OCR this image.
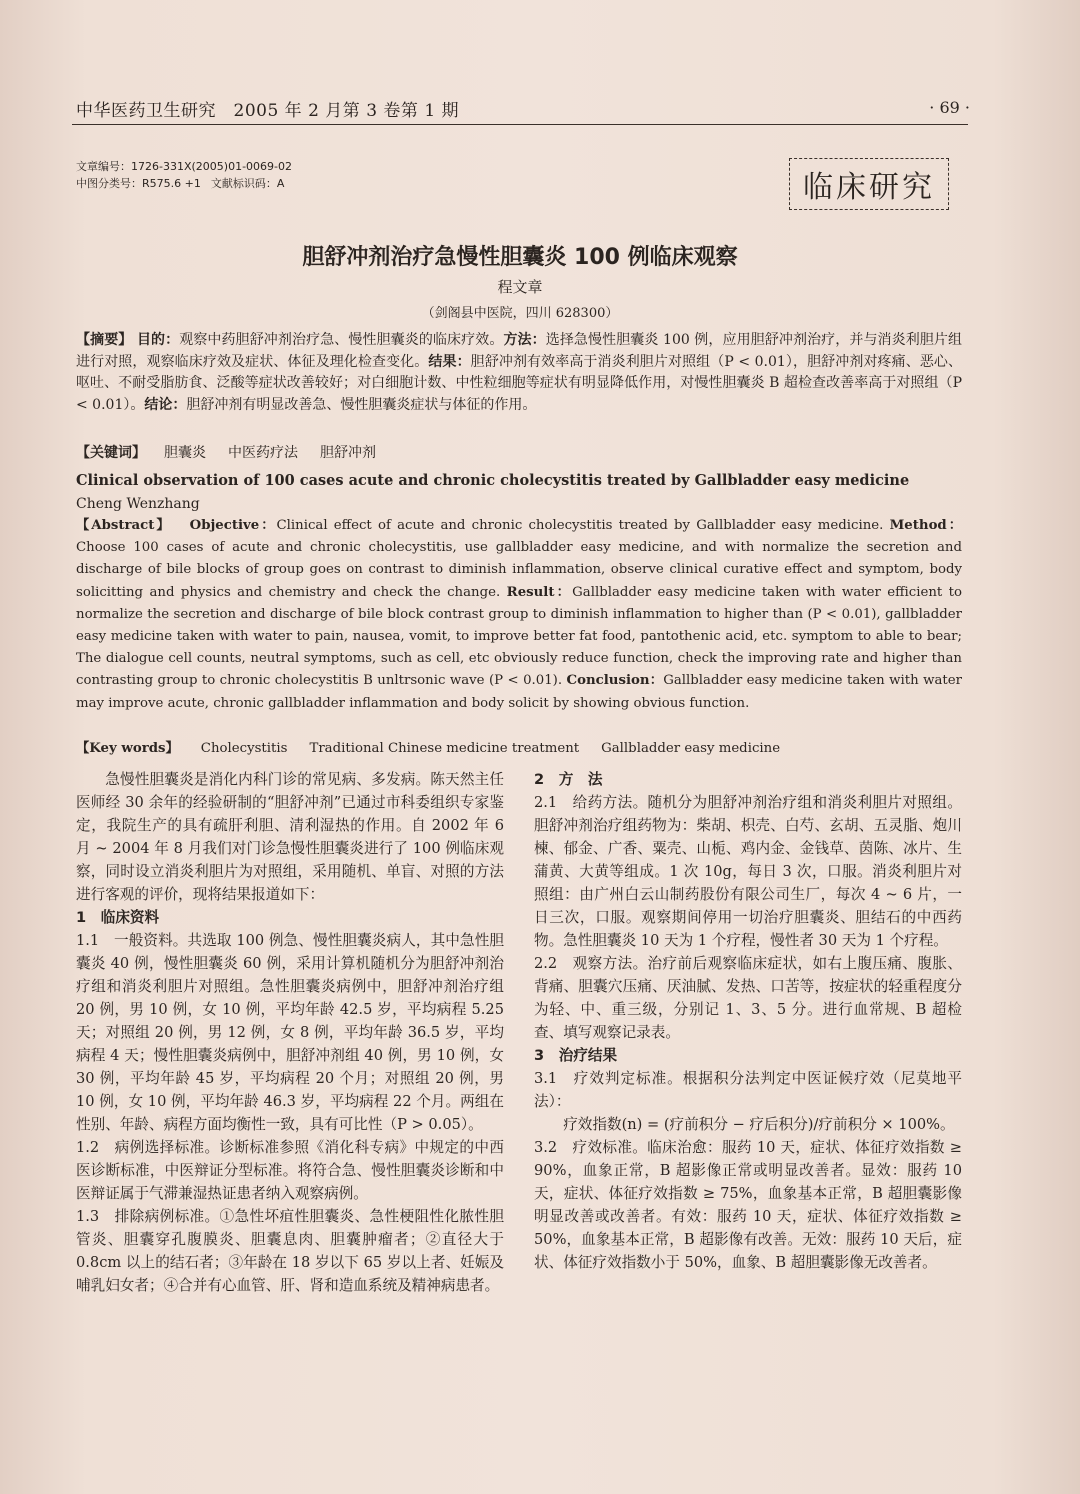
中华医药卫生研究　2005 年 2 月第 3 卷第 1 期	· 69 ·
文章编号：1726-331X(2005)01-0069-02
中图分类号：R575.6 +1 文献标识码：A	临床研究
胆舒冲剂治疗急慢性胆囊炎 100 例临床观察
程文章
（剑阁县中医院，四川 628300）
【摘要】 目的：观察中药胆舒冲剂治疗急、慢性胆囊炎的临床疗效。方法：选择急慢性胆囊炎 100 例，应用胆舒冲剂治疗，并与消炎利胆片组进行对照，观察临床疗效及症状、体征及理化检查变化。结果：胆舒冲剂有效率高于消炎利胆片对照组（P < 0.01），胆舒冲剂对疼痛、恶心、呕吐、不耐受脂肪食、泛酸等症状改善较好；对白细胞计数、中性粒细胞等症状有明显降低作用，对慢性胆囊炎 B 超检查改善率高于对照组（P < 0.01）。结论：胆舒冲剂有明显改善急、慢性胆囊炎症状与体征的作用。
【关键词】 胆囊炎 中医药疗法 胆舒冲剂
Clinical observation of 100 cases acute and chronic cholecystitis treated by Gallbladder easy medicine
Cheng Wenzhang
【Abstract】 Objective：Clinical effect of acute and chronic cholecystitis treated by Gallbladder easy medicine. Method：Choose 100 cases of acute and chronic cholecystitis, use gallbladder easy medicine, and with normalize the secretion and discharge of bile blocks of group goes on contrast to diminish inflammation, observe clinical curative effect and symptom, body solicitting and physics and chemistry and check the change. Result：Gallbladder easy medicine taken with water efficient to normalize the secretion and discharge of bile block contrast group to diminish inflammation to higher than (P < 0.01), gallbladder easy medicine taken with water to pain, nausea, vomit, to improve better fat food, pantothenic acid, etc. symptom to able to bear; The dialogue cell counts, neutral symptoms, such as cell, etc obviously reduce function, check the improving rate and higher than contrasting group to chronic cholecystitis B unltrsonic wave (P < 0.01). Conclusion：Gallbladder easy medicine taken with water may improve acute, chronic gallbladder inflammation and body solicit by showing obvious function.
【Key words】 Cholecystitis Traditional Chinese medicine treatment Gallbladder easy medicine

急慢性胆囊炎是消化内科门诊的常见病、多发病。陈天然主任医师经 30 余年的经验研制的“胆舒冲剂”已通过市科委组织专家鉴定，我院生产的具有疏肝利胆、清利湿热的作用。自 2002 年 6 月 ~ 2004 年 8 月我们对门诊急慢性胆囊炎进行了 100 例临床观察，同时设立消炎利胆片为对照组，采用随机、单盲、对照的方法进行客观的评价，现将结果报道如下：

1　临床资料

1.1　一般资料。共选取 100 例急、慢性胆囊炎病人，其中急性胆囊炎 40 例，慢性胆囊炎 60 例，采用计算机随机分为胆舒冲剂治疗组和消炎利胆片对照组。急性胆囊炎病例中，胆舒冲剂治疗组 20 例，男 10 例，女 10 例，平均年龄 42.5 岁，平均病程 5.25 天；对照组 20 例，男 12 例，女 8 例，平均年龄 36.5 岁，平均病程 4 天；慢性胆囊炎病例中，胆舒冲剂组 40 例，男 10 例，女 30 例，平均年龄 45 岁，平均病程 20 个月；对照组 20 例，男 10 例，女 10 例，平均年龄 46.3 岁，平均病程 22 个月。两组在性别、年龄、病程方面均衡性一致，具有可比性（P > 0.05）。

1.2　病例选择标准。诊断标准参照《消化科专病》中规定的中西医诊断标准，中医辩证分型标准。将符合急、慢性胆囊炎诊断和中医辩证属于气滞兼湿热证患者纳入观察病例。

1.3　排除病例标准。①急性坏疽性胆囊炎、急性梗阻性化脓性胆管炎、胆囊穿孔腹膜炎、胆囊息肉、胆囊肿瘤者；②直径大于 0.8cm 以上的结石者；③年龄在 18 岁以下 65 岁以上者、妊娠及哺乳妇女者；④合并有心血管、肝、肾和造血系统及精神病患者。

2　方　法

2.1　给药方法。随机分为胆舒冲剂治疗组和消炎利胆片对照组。胆舒冲剂治疗组药物为：柴胡、枳壳、白芍、玄胡、五灵脂、炮川楝、郁金、广香、粟壳、山栀、鸡内金、金钱草、茵陈、冰片、生蒲黄、大黄等组成。1 次 10g，每日 3 次，口服。消炎利胆片对照组：由广州白云山制药股份有限公司生厂，每次 4 ~ 6 片，一日三次，口服。观察期间停用一切治疗胆囊炎、胆结石的中西药物。急性胆囊炎 10 天为 1 个疗程，慢性者 30 天为 1 个疗程。

2.2　观察方法。治疗前后观察临床症状，如右上腹压痛、腹胀、背痛、胆囊穴压痛、厌油腻、发热、口苦等，按症状的轻重程度分为轻、中、重三级，分别记 1、3、5 分。进行血常规、B 超检查、填写观察记录表。

3　治疗结果

3.1　疗效判定标准。根据积分法判定中医证候疗效（尼莫地平法）：

疗效指数(n) = (疗前积分 − 疗后积分)/疗前积分 × 100%。

3.2　疗效标准。临床治愈：服药 10 天，症状、体征疗效指数 ≥ 90%，血象正常，B 超影像正常或明显改善者。显效：服药 10 天，症状、体征疗效指数 ≥ 75%，血象基本正常，B 超胆囊影像明显改善或改善者。有效：服药 10 天，症状、体征疗效指数 ≥ 50%，血象基本正常，B 超影像有改善。无效：服药 10 天后，症状、体征疗效指数小于 50%，血象、B 超胆囊影像无改善者。
